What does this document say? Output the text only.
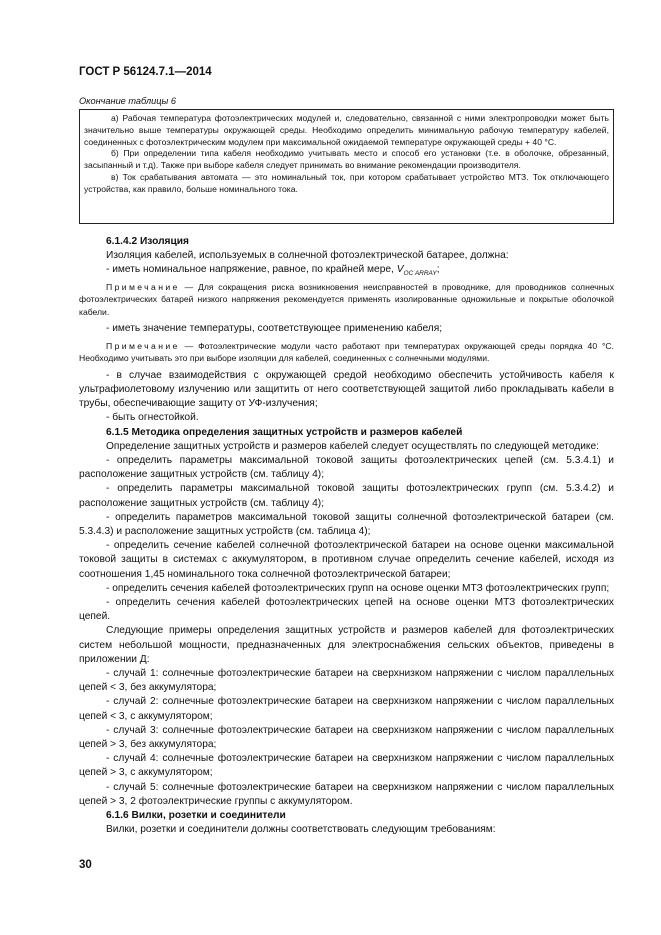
ГОСТ Р 56124.7.1—2014
Окончание таблицы 6

а) Рабочая температура фотоэлектрических модулей и, следовательно, связанной с ними электропроводки может быть значительно выше температуры окружающей среды. Необходимо определить минимальную рабочую температуру кабелей, соединенных с фотоэлектрическим модулем при максимальной ожидаемой температуре окружающей среды + 40 °C.

б) При определении типа кабеля необходимо учитывать место и способ его установки (т.е. в оболочке, обрезанный, засыпанный и т.д). Также при выборе кабеля следует принимать во внимание рекомендации производителя.

в) Ток срабатывания автомата — это номинальный ток, при котором срабатывает устройство МТЗ. Ток отключающего устройства, как правило, больше номинального тока.

6.1.4.2 Изоляция

Изоляция кабелей, используемых в солнечной фотоэлектрической батарее, должна:

- иметь номинальное напряжение, равное, по крайней мере, $V_{OC ARRAY}$;

Примечание — Для сокращения риска возникновения неисправностей в проводнике, для проводников солнечных фотоэлектрических батарей низкого напряжения рекомендуется применять изолированные одножильные и покрытые оболочкой кабели.

- иметь значение температуры, соответствующее применению кабеля;

Примечание — Фотоэлектрические модули часто работают при температурах окружающей среды порядка 40 °C. Необходимо учитывать это при выборе изоляции для кабелей, соединенных с солнечными модулями.

- в случае взаимодействия с окружающей средой необходимо обеспечить устойчивость кабеля к ультрафиолетовому излучению или защитить от него соответствующей защитой либо прокладывать кабели в трубы, обеспечивающие защиту от УФ-излучения;

- быть огнестойкой.

6.1.5 Методика определения защитных устройств и размеров кабелей

Определение защитных устройств и размеров кабелей следует осуществлять по следующей методике:

- определить параметры максимальной токовой защиты фотоэлектрических цепей (см. 5.3.4.1) и расположение защитных устройств (см. таблицу 4);

- определить параметры максимальной токовой защиты фотоэлектрических групп (см. 5.3.4.2) и расположение защитных устройств (см. таблицу 4);

- определить параметров максимальной токовой защиты солнечной фотоэлектрической батареи (см. 5.3.4.3) и расположение защитных устройств (см. таблица 4);

- определить сечение кабелей солнечной фотоэлектрической батареи на основе оценки максимальной токовой защиты в системах с аккумулятором, в противном случае определить сечение кабелей, исходя из соотношения 1,45 номинального тока солнечной фотоэлектрической батареи;

- определить сечения кабелей фотоэлектрических групп на основе оценки МТЗ фотоэлектрических групп;

- определить сечения кабелей фотоэлектрических цепей на основе оценки МТЗ фотоэлектрических цепей.

Следующие примеры определения защитных устройств и размеров кабелей для фотоэлектрических систем небольшой мощности, предназначенных для электроснабжения сельских объектов, приведены в приложении Д:

- случай 1: солнечные фотоэлектрические батареи на сверхнизком напряжении с числом параллельных цепей < 3, без аккумулятора;

- случай 2: солнечные фотоэлектрические батареи на сверхнизком напряжении с числом параллельных цепей < 3, с аккумулятором;

- случай 3: солнечные фотоэлектрические батареи на сверхнизком напряжении с числом параллельных цепей > 3, без аккумулятора;

- случай 4: солнечные фотоэлектрические батареи на сверхнизком напряжении с числом параллельных цепей > 3, с аккумулятором;

- случай 5: солнечные фотоэлектрические батареи на сверхнизком напряжении с числом параллельных цепей > 3, 2 фотоэлектрические группы с аккумулятором.

6.1.6 Вилки, розетки и соединители

Вилки, розетки и соединители должны соответствовать следующим требованиям:

30
